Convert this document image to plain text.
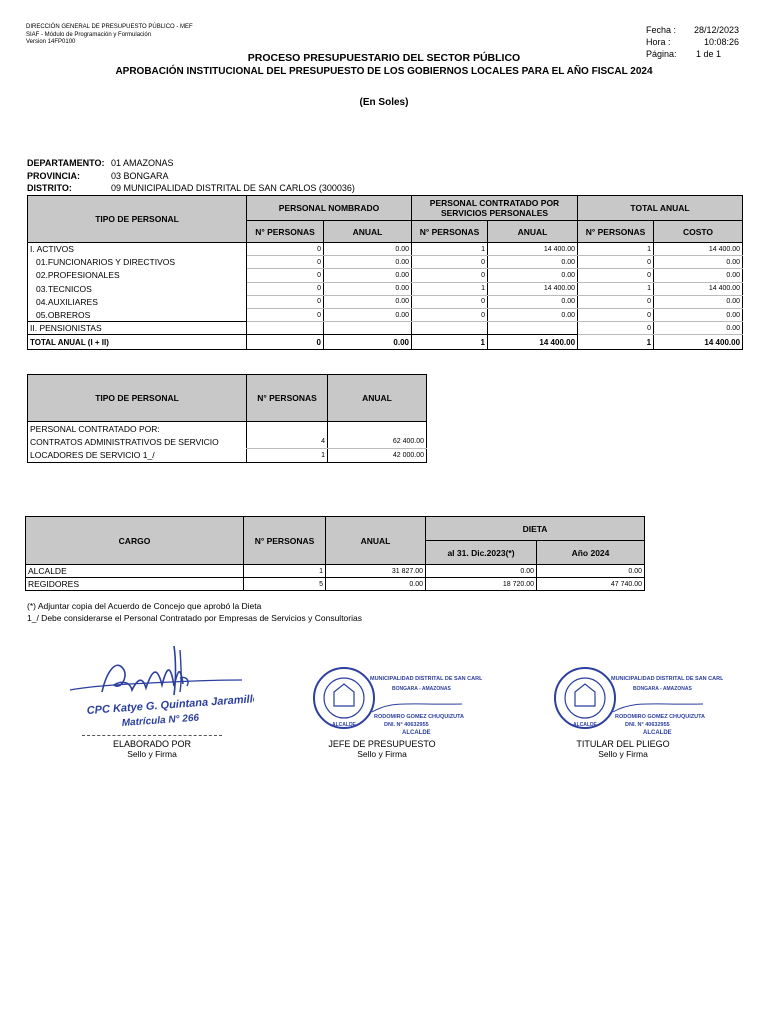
DIRECCIÓN GENERAL DE PRESUPUESTO PÚBLICO - MEF
SIAF - Módulo de Programación y Formulación
Version 14FP0100
Fecha : 28/12/2023
Hora :	10:08:26
Página: 1 de 1
PROCESO PRESUPUESTARIO DEL SECTOR PÚBLICO
APROBACIÓN INSTITUCIONAL DEL PRESUPUESTO DE LOS GOBIERNOS LOCALES PARA EL AÑO FISCAL 2024
(En Soles)
DEPARTAMENTO: 01 AMAZONAS
PROVINCIA:	03 BONGARA
DISTRITO:	09 MUNICIPALIDAD DISTRITAL DE SAN CARLOS (300036)
TIPO DE PERSONAL	PERSONAL NOMBRADO		PERSONAL CONTRATADO POR SERVICIOS PERSONALES		TOTAL ANUAL	
	N° PERSONAS	ANUAL	N° PERSONAS	ANUAL	N° PERSONAS	COSTO
I. ACTIVOS	0	0.00	1	14 400.00	1	14 400.00
01.FUNCIONARIOS Y DIRECTIVOS	0	0.00	0	0.00	0	0.00
02.PROFESIONALES	0	0.00	0	0.00	0	0.00
03.TECNICOS	0	0.00	1	14 400.00	1	14 400.00
04.AUXILIARES	0	0.00	0	0.00	0	0.00
05.OBREROS	0	0.00	0	0.00	0	0.00
II. PENSIONISTAS					0	0.00
TOTAL ANUAL (I + II)	0	0.00	1	14 400.00	1	14 400.00
TIPO DE PERSONAL	N° PERSONAS	ANUAL
PERSONAL CONTRATADO POR:		
CONTRATOS ADMINISTRATIVOS DE SERVICIO	4	62 400.00
LOCADORES DE SERVICIO 1_/	1	42 000.00
CARGO	N° PERSONAS	ANUAL	DIETA	
			al 31. Dic.2023(*)	Año 2024
ALCALDE	1	31 827.00	0.00	0.00
REGIDORES	5	0.00	18 720.00	47 740.00
(*) Adjuntar copia del Acuerdo de Concejo que aprobó la Dieta
1_/ Debe considerarse el Personal Contratado por Empresas de Servicios y Consultorias
CPC Katye G. Quintana Jaramillo
Matrícula N° 266
ELABORADO POR
Sello y Firma
ALCALDE
MUNICIPALIDAD DISTRITAL DE SAN CARLOS
BONGARA - AMAZONAS
RODOMIRO GOMEZ CHUQUIZUTA
DNI. N° 40632955
ALCALDE
JEFE DE PRESUPUESTO
Sello y Firma
ALCALDE
MUNICIPALIDAD DISTRITAL DE SAN CARLOS
BONGARA - AMAZONAS
RODOMIRO GOMEZ CHUQUIZUTA
DNI. N° 40632955
ALCALDE
TITULAR DEL PLIEGO
Sello y Firma
